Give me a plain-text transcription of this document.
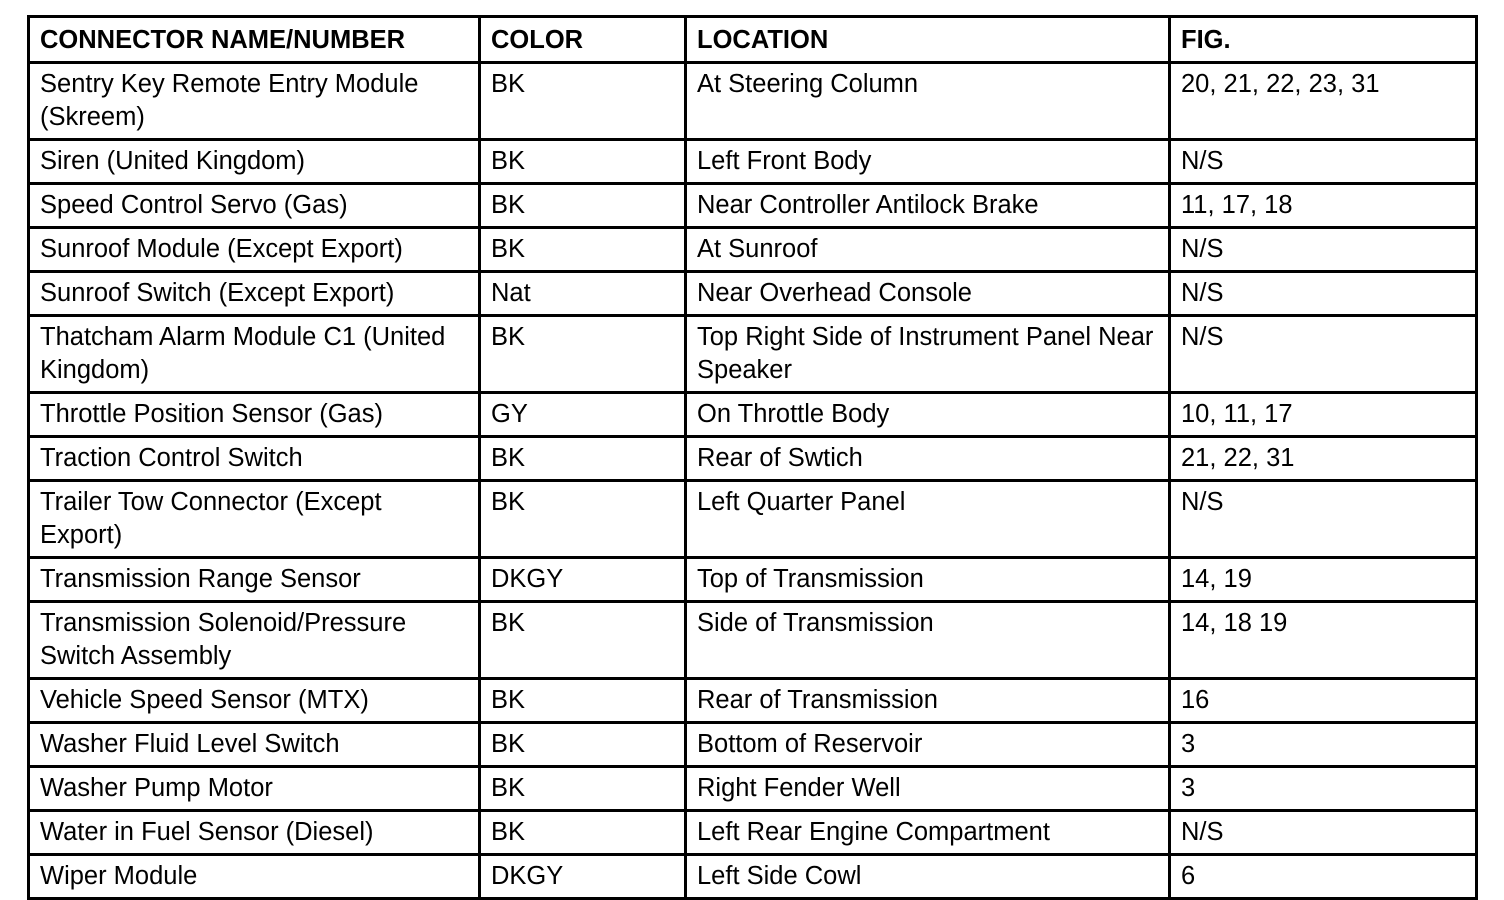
CONNECTOR NAME/NUMBER	COLOR	LOCATION	FIG.
Sentry Key Remote Entry Module (Skreem)	BK	At Steering Column	20, 21, 22, 23, 31
Siren (United Kingdom)	BK	Left Front Body	N/S
Speed Control Servo (Gas)	BK	Near Controller Antilock Brake	11, 17, 18
Sunroof Module (Except Export)	BK	At Sunroof	N/S
Sunroof Switch (Except Export)	Nat	Near Overhead Console	N/S
Thatcham Alarm Module C1 (United Kingdom)	BK	Top Right Side of Instrument Panel Near Speaker	N/S
Throttle Position Sensor (Gas)	GY	On Throttle Body	10, 11, 17
Traction Control Switch	BK	Rear of Swtich	21, 22, 31
Trailer Tow Connector (Except Export)	BK	Left Quarter Panel	N/S
Transmission Range Sensor	DKGY	Top of Transmission	14, 19
Transmission Solenoid/Pressure Switch Assembly	BK	Side of Transmission	14, 18 19
Vehicle Speed Sensor (MTX)	BK	Rear of Transmission	16
Washer Fluid Level Switch	BK	Bottom of Reservoir	3
Washer Pump Motor	BK	Right Fender Well	3
Water in Fuel Sensor (Diesel)	BK	Left Rear Engine Compartment	N/S
Wiper Module	DKGY	Left Side Cowl	6
